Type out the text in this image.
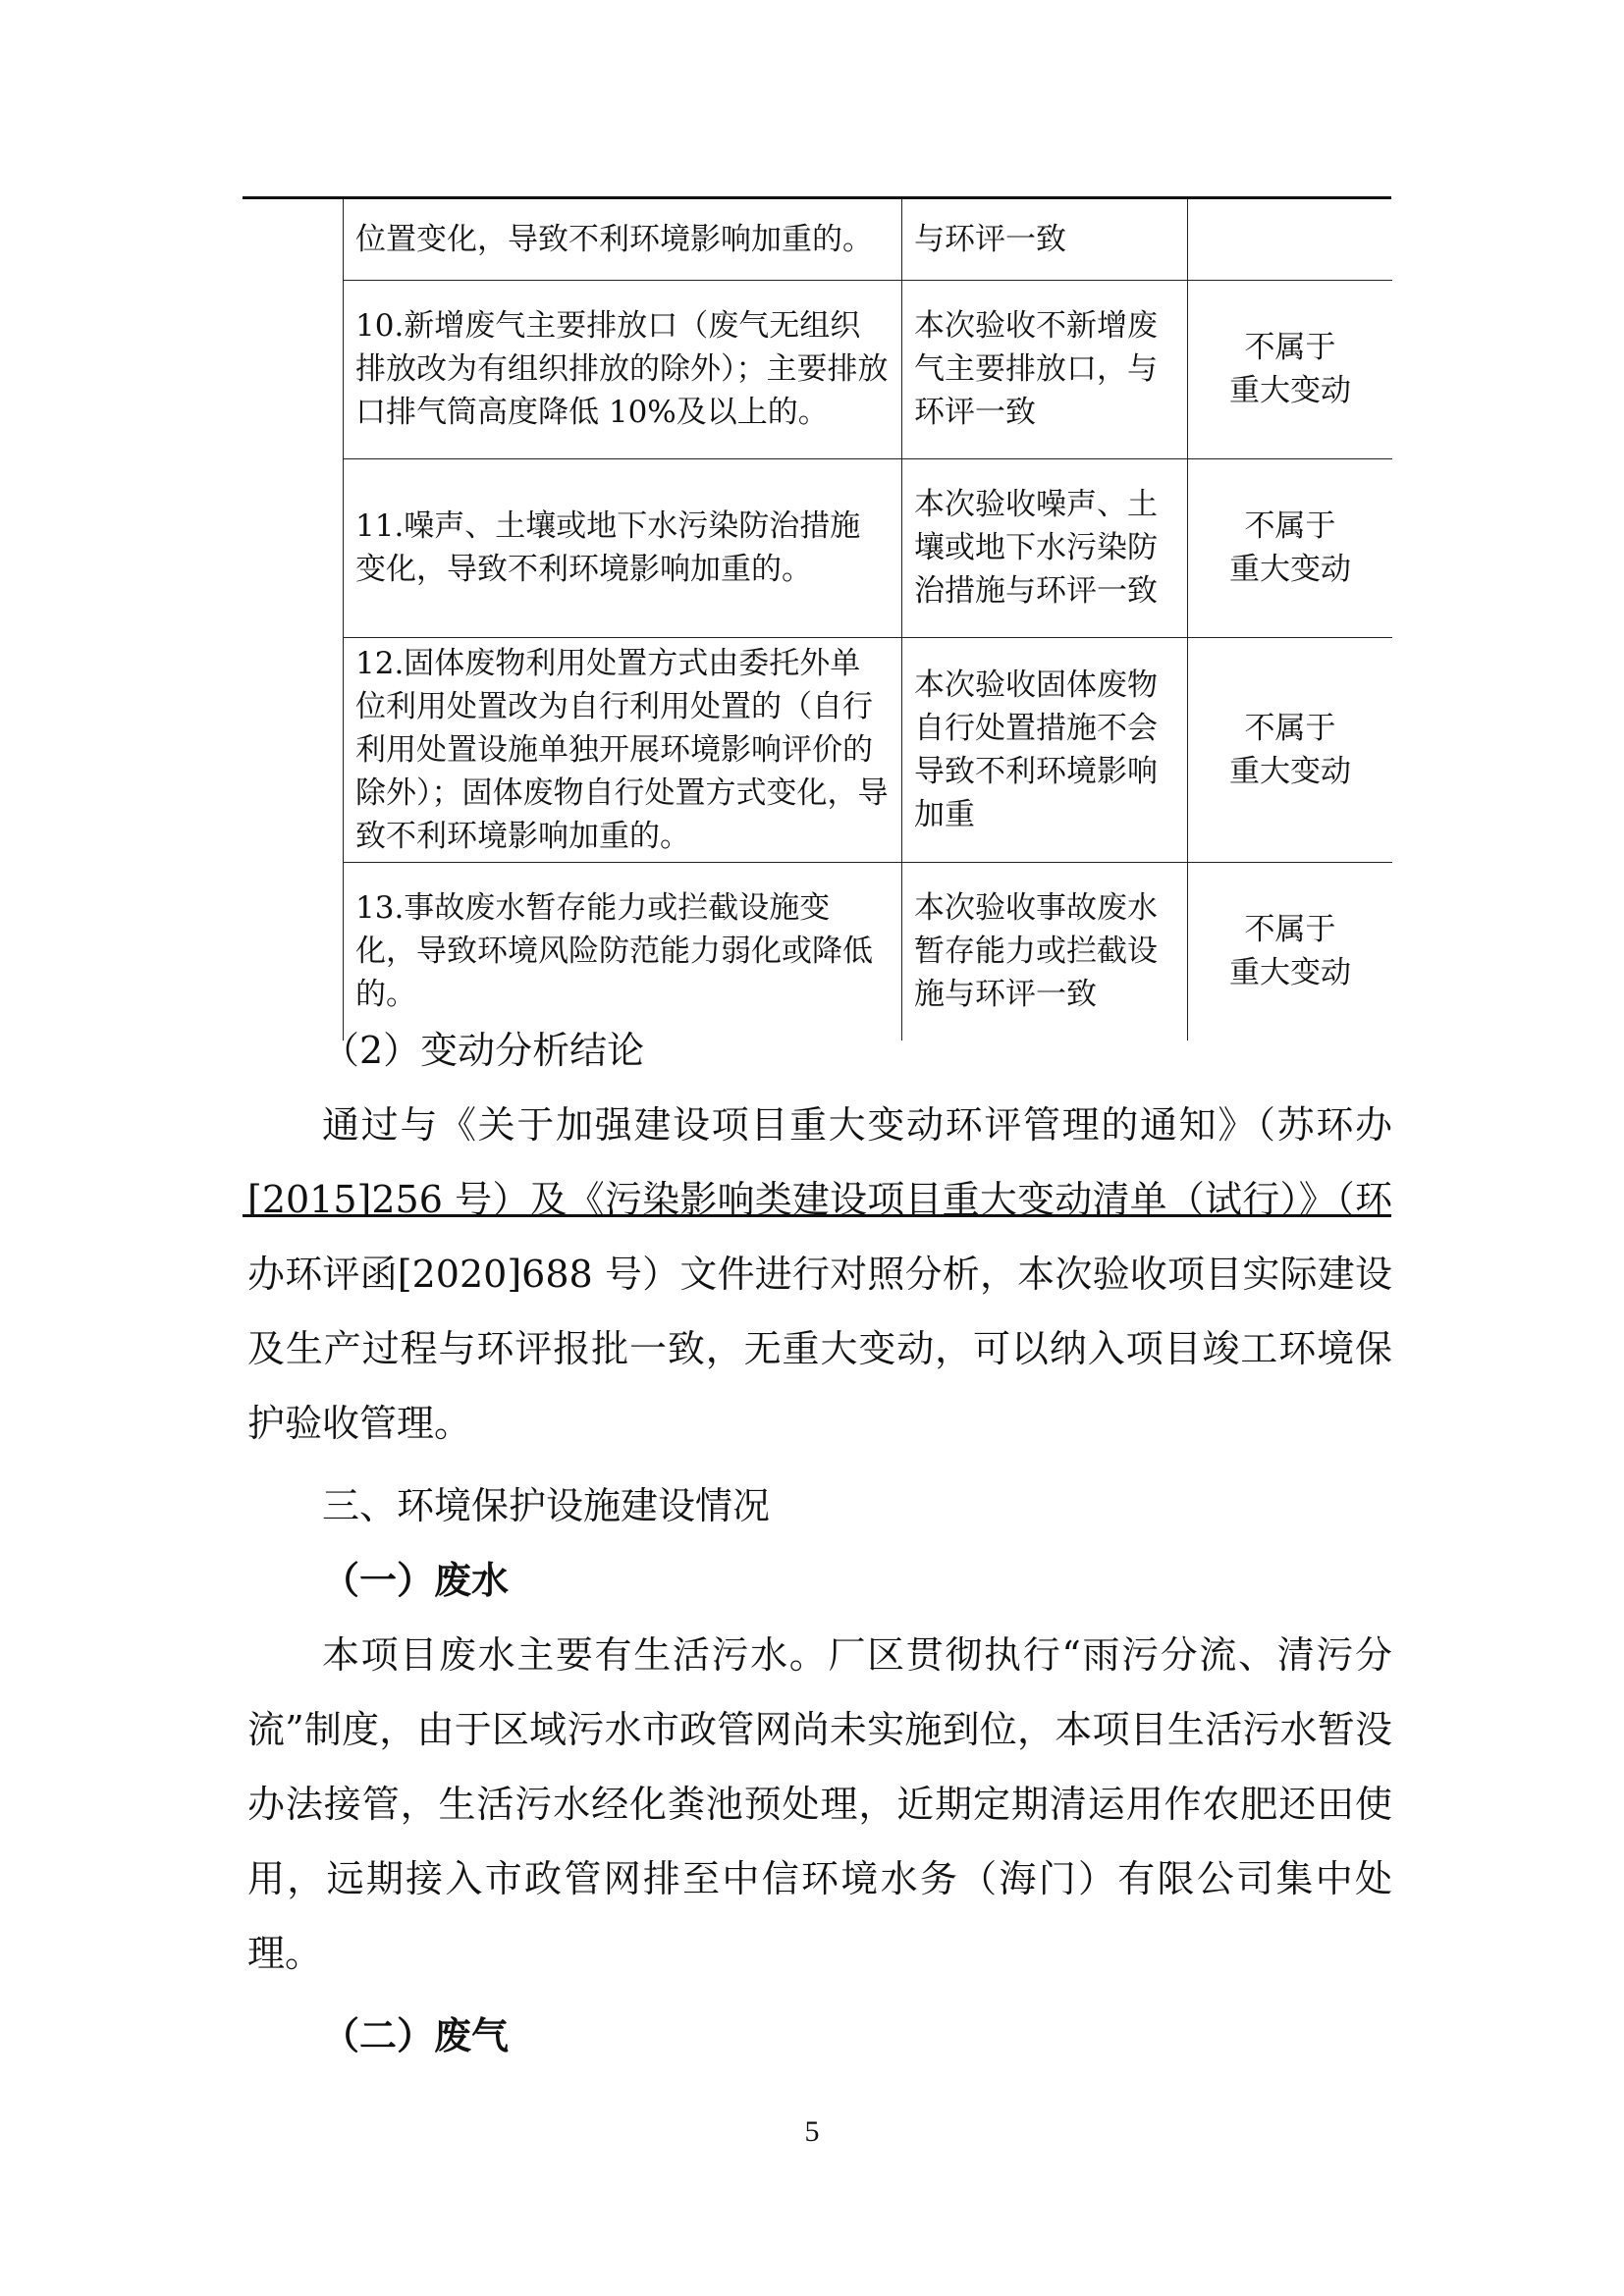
位置变化，导致不利环境影响加重的。	与环评一致	
10.新增废气主要排放口（废气无组织排放改为有组织排放的除外）；主要排放口排气筒高度降低 10%及以上的。	本次验收不新增废气主要排放口，与环评一致	不属于
重大变动

11.噪声、土壤或地下水污染防治措施变化，导致不利环境影响加重的。	本次验收噪声、土壤或地下水污染防治措施与环评一致	不属于
重大变动

12.固体废物利用处置方式由委托外单位利用处置改为自行利用处置的（自行利用处置设施单独开展环境影响评价的除外）；固体废物自行处置方式变化，导致不利环境影响加重的。	本次验收固体废物自行处置措施不会导致不利环境影响加重	不属于
重大变动

13.事故废水暂存能力或拦截设施变化，导致环境风险防范能力弱化或降低的。	本次验收事故废水暂存能力或拦截设施与环评一致	不属于
重大变动

（2）变动分析结论

通过与《关于加强建设项目重大变动环评管理的通知》（苏环办[2015]256 号）及《污染影响类建设项目重大变动清单（试行）》（环办环评函[2020]688 号）文件进行对照分析，本次验收项目实际建设及生产过程与环评报批一致，无重大变动，可以纳入项目竣工环境保护验收管理。

三、环境保护设施建设情况

（一）废水

本项目废水主要有生活污水。厂区贯彻执行“雨污分流、清污分流”制度，由于区域污水市政管网尚未实施到位，本项目生活污水暂没办法接管，生活污水经化粪池预处理，近期定期清运用作农肥还田使用，远期接入市政管网排至中信环境水务（海门）有限公司集中处理。

（二）废气

5
